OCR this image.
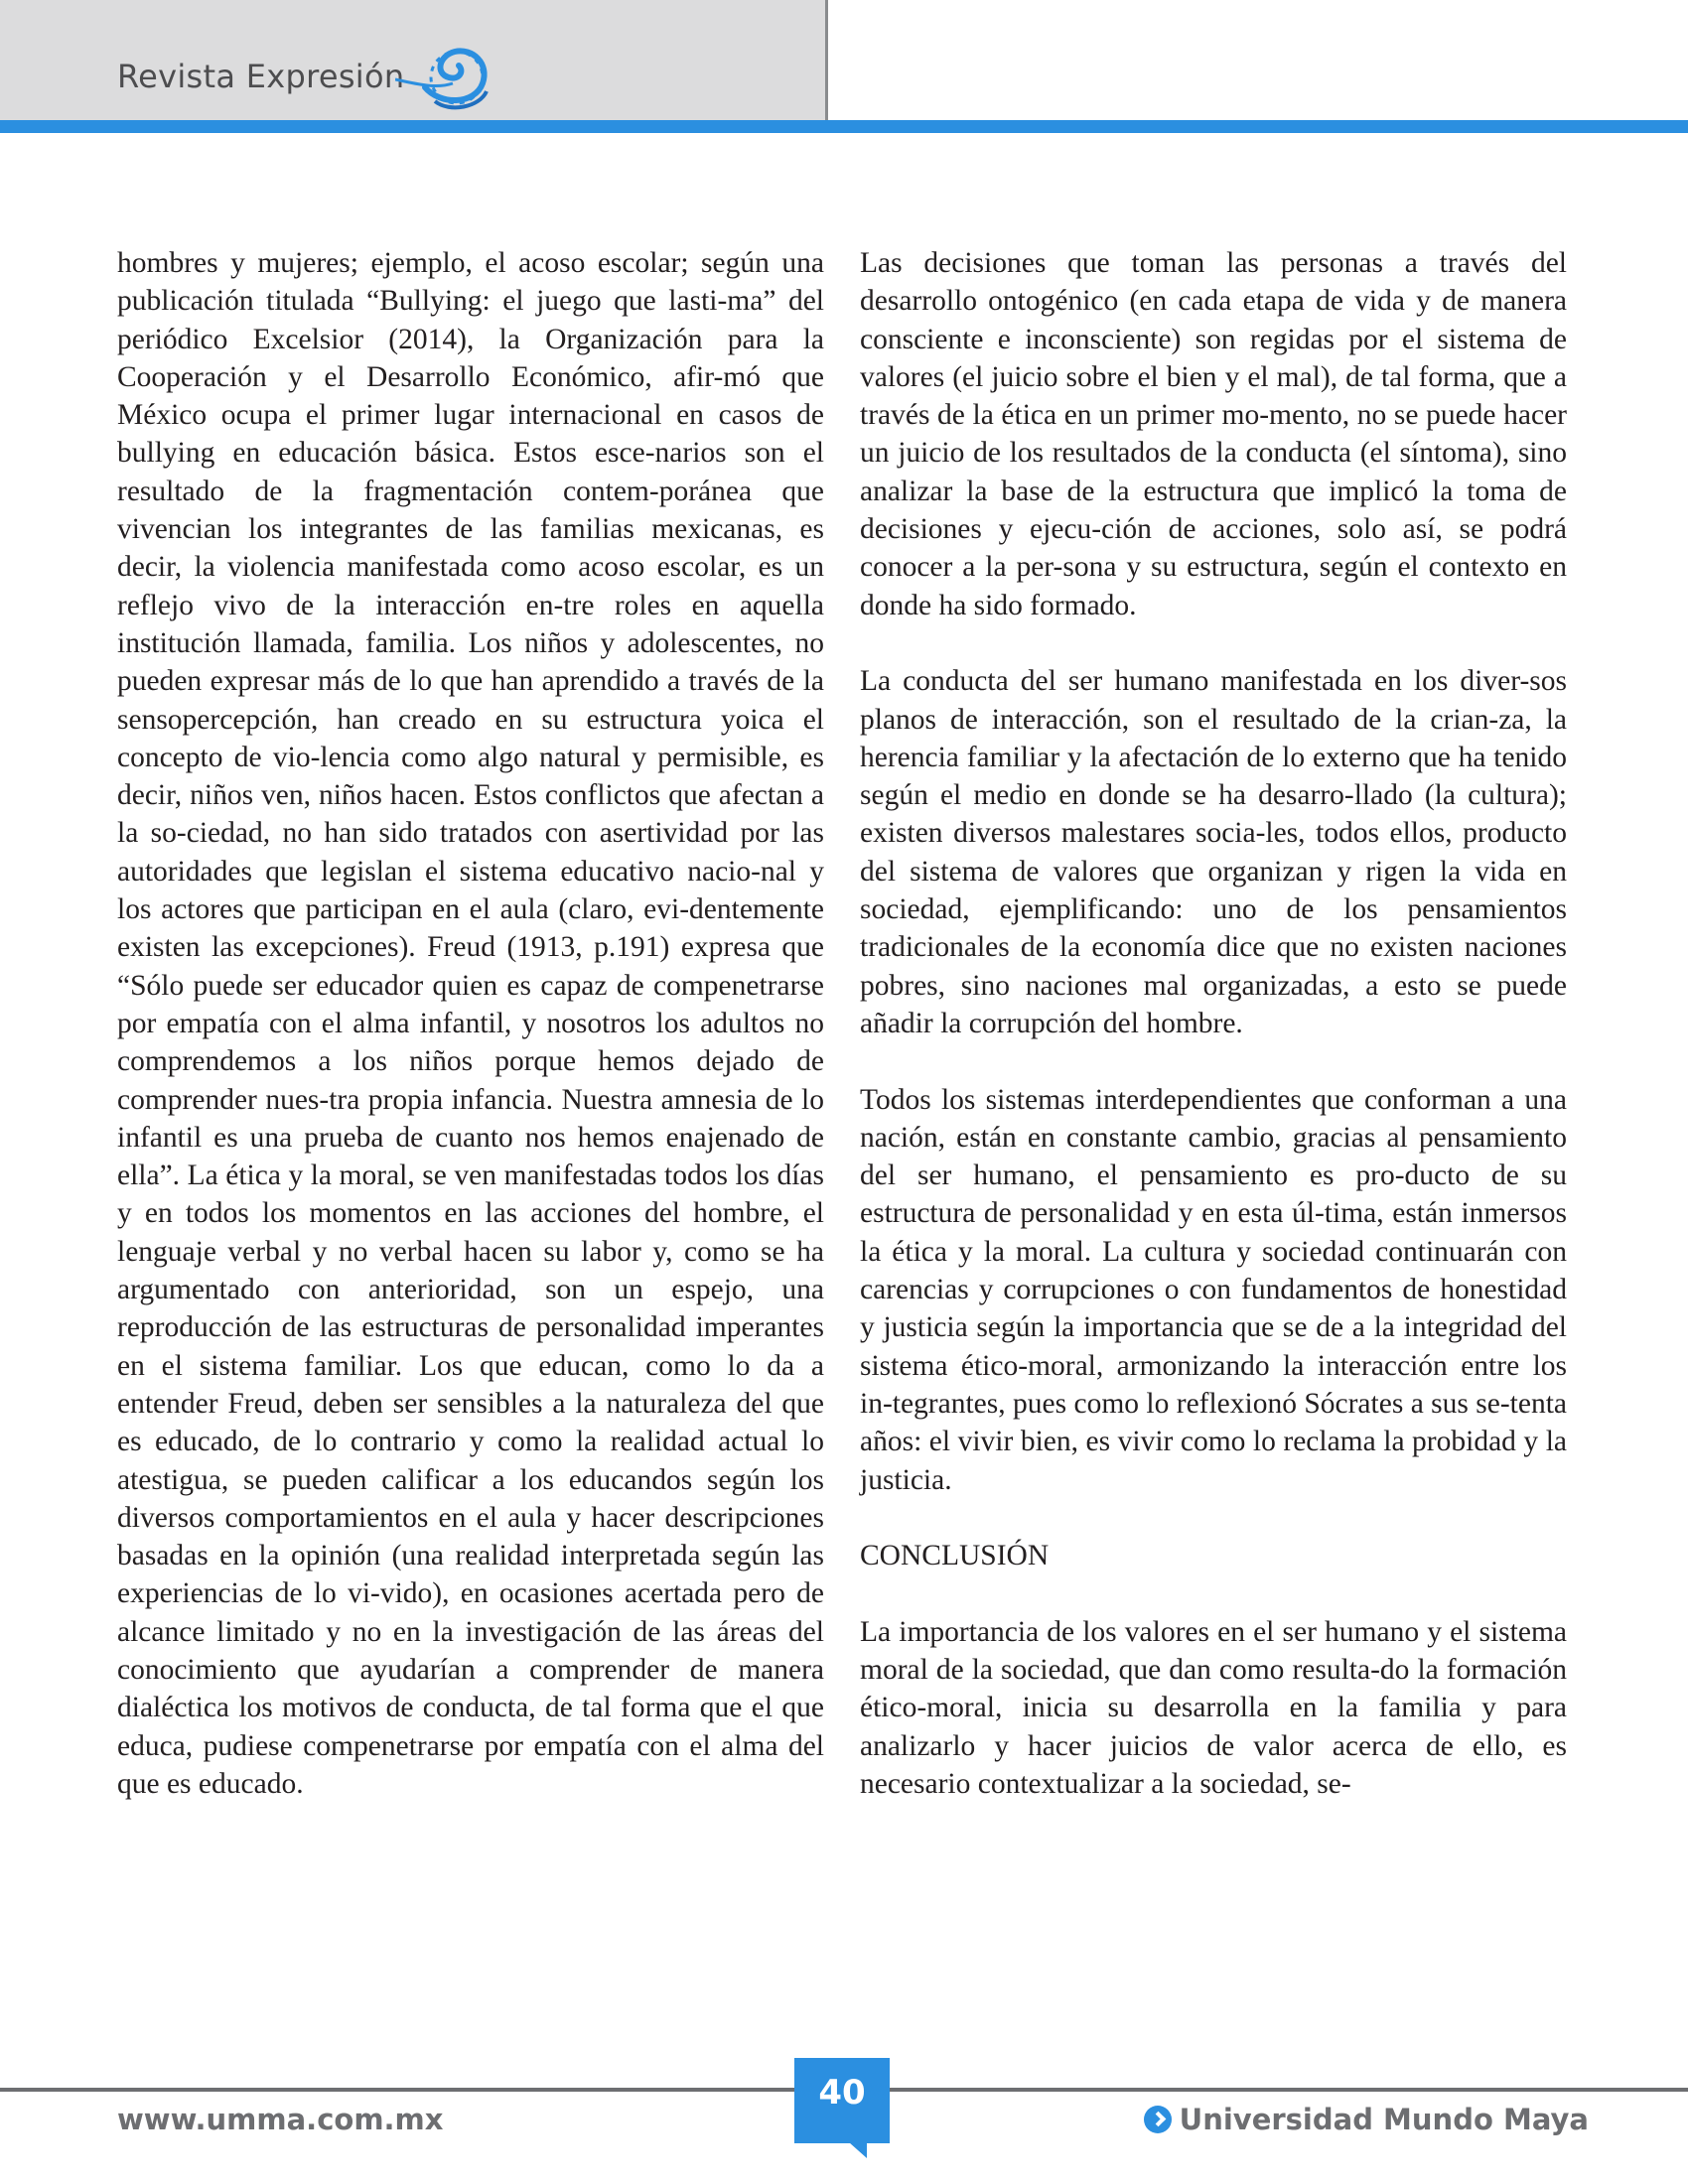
Revista Expresión

hombres y mujeres; ejemplo, el acoso escolar; según una publicación titulada “Bullying: el juego que lasti-ma” del periódico Excelsior (2014), la Organización para la Cooperación y el Desarrollo Económico, afir-mó que México ocupa el primer lugar internacional en casos de bullying en educación básica. Estos esce-narios son el resultado de la fragmentación contem-poránea que vivencian los integrantes de las familias mexicanas, es decir, la violencia manifestada como acoso escolar, es un reflejo vivo de la interacción en-tre roles en aquella institución llamada, familia. Los niños y adolescentes, no pueden expresar más de lo que han aprendido a través de la sensopercepción, han creado en su estructura yoica el concepto de vio-lencia como algo natural y permisible, es decir, niños ven, niños hacen. Estos conflictos que afectan a la so-ciedad, no han sido tratados con asertividad por las autoridades que legislan el sistema educativo nacio-nal y los actores que participan en el aula (claro, evi-dentemente existen las excepciones). Freud (1913, p.191) expresa que “Sólo puede ser educador quien es capaz de compenetrarse por empatía con el alma infantil, y nosotros los adultos no comprendemos a los niños porque hemos dejado de comprender nues-tra propia infancia. Nuestra amnesia de lo infantil es una prueba de cuanto nos hemos enajenado de ella”. La ética y la moral, se ven manifestadas todos los días y en todos los momentos en las acciones del hombre, el lenguaje verbal y no verbal hacen su labor y, como se ha argumentado con anterioridad, son un espejo, una reproducción de las estructuras de personalidad imperantes en el sistema familiar. Los que educan, como lo da a entender Freud, deben ser sensibles a la naturaleza del que es educado, de lo contrario y como la realidad actual lo atestigua, se pueden calificar a los educandos según los diversos comportamientos en el aula y hacer descripciones basadas en la opinión (una realidad interpretada según las experiencias de lo vi-vido), en ocasiones acertada pero de alcance limitado y no en la investigación de las áreas del conocimiento que ayudarían a comprender de manera dialéctica los motivos de conducta, de tal forma que el que educa, pudiese compenetrarse por empatía con el alma del que es educado.

Las decisiones que toman las personas a través del desarrollo ontogénico (en cada etapa de vida y de manera consciente e inconsciente) son regidas por el sistema de valores (el juicio sobre el bien y el mal), de tal forma, que a través de la ética en un primer mo-mento, no se puede hacer un juicio de los resultados de la conducta (el síntoma), sino analizar la base de la estructura que implicó la toma de decisiones y ejecu-ción de acciones, solo así, se podrá conocer a la per-sona y su estructura, según el contexto en donde ha sido formado.

La conducta del ser humano manifestada en los diver-sos planos de interacción, son el resultado de la crian-za, la herencia familiar y la afectación de lo externo que ha tenido según el medio en donde se ha desarro-llado (la cultura); existen diversos malestares socia-les, todos ellos, producto del sistema de valores que organizan y rigen la vida en sociedad, ejemplificando: uno de los pensamientos tradicionales de la economía dice que no existen naciones pobres, sino naciones mal organizadas, a esto se puede añadir la corrupción del hombre.

Todos los sistemas interdependientes que conforman a una nación, están en constante cambio, gracias al pensamiento del ser humano, el pensamiento es pro-ducto de su estructura de personalidad y en esta úl-tima, están inmersos la ética y la moral. La cultura y sociedad continuarán con carencias y corrupciones o con fundamentos de honestidad y justicia según la importancia que se de a la integridad del sistema ético-moral, armonizando la interacción entre los in-tegrantes, pues como lo reflexionó Sócrates a sus se-tenta años: el vivir bien, es vivir como lo reclama la probidad y la justicia.

CONCLUSIÓN

La importancia de los valores en el ser humano y el sistema moral de la sociedad, que dan como resulta-do la formación ético-moral, inicia su desarrolla en la familia y para analizarlo y hacer juicios de valor acerca de ello, es necesario contextualizar a la sociedad, se-

40
www.umma.com.mx	Universidad Mundo Maya
